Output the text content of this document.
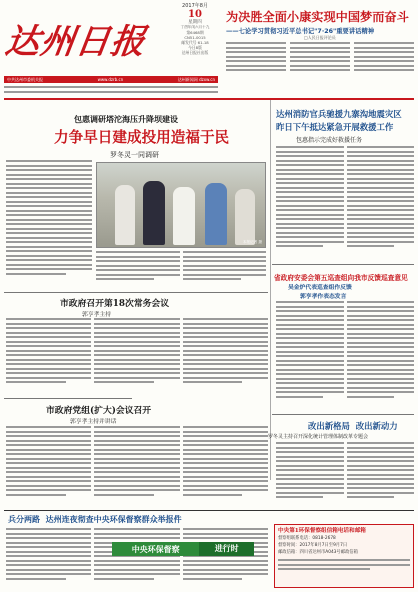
达州日报
2017年8月
10
星期四
丁酉年闰六月十九
第6468期
CN51-0015
邮发代号 61-18
今日8版
达州日报社出版
为决胜全面小康实现中国梦而奋斗
——七论学习贯彻习近平总书记"7·26"重要讲话精神
□人民日报评论员
中共达州市委机关报	www.dzrb.cn	达州新闻网 dzxw.cn
包惠调研塔沱海压升降坝建设
力争早日建成投用造福于民
罗冬灵一同调研
本报记者 摄
达州消防官兵驰援九寨沟地震灾区
昨日下午抵达紧急开展救援工作
包惠指示完成好救援任务
省政府安委会第五巡查组向我市反馈巡查意见
吴金炉代表巡查组作反馈
郭亨孝作表态发言
市政府召开第18次常务会议
郭亨孝主持
市政府党组(扩大)会议召开
郭亨孝主持并讲话	改出新格局  改出新动力
罗冬灵主持召开深化统计管理体制改革专题会
兵分两路  达州连夜彻查中央环保督察群众举报件
中央环保督察	进行时
中央第1环保督察组信箱电话和邮箱
督察组联系电话：0818-2678
督察时间：2017年8月7日至9月7日
邮政信箱：四川省达州市A043号邮政信箱
